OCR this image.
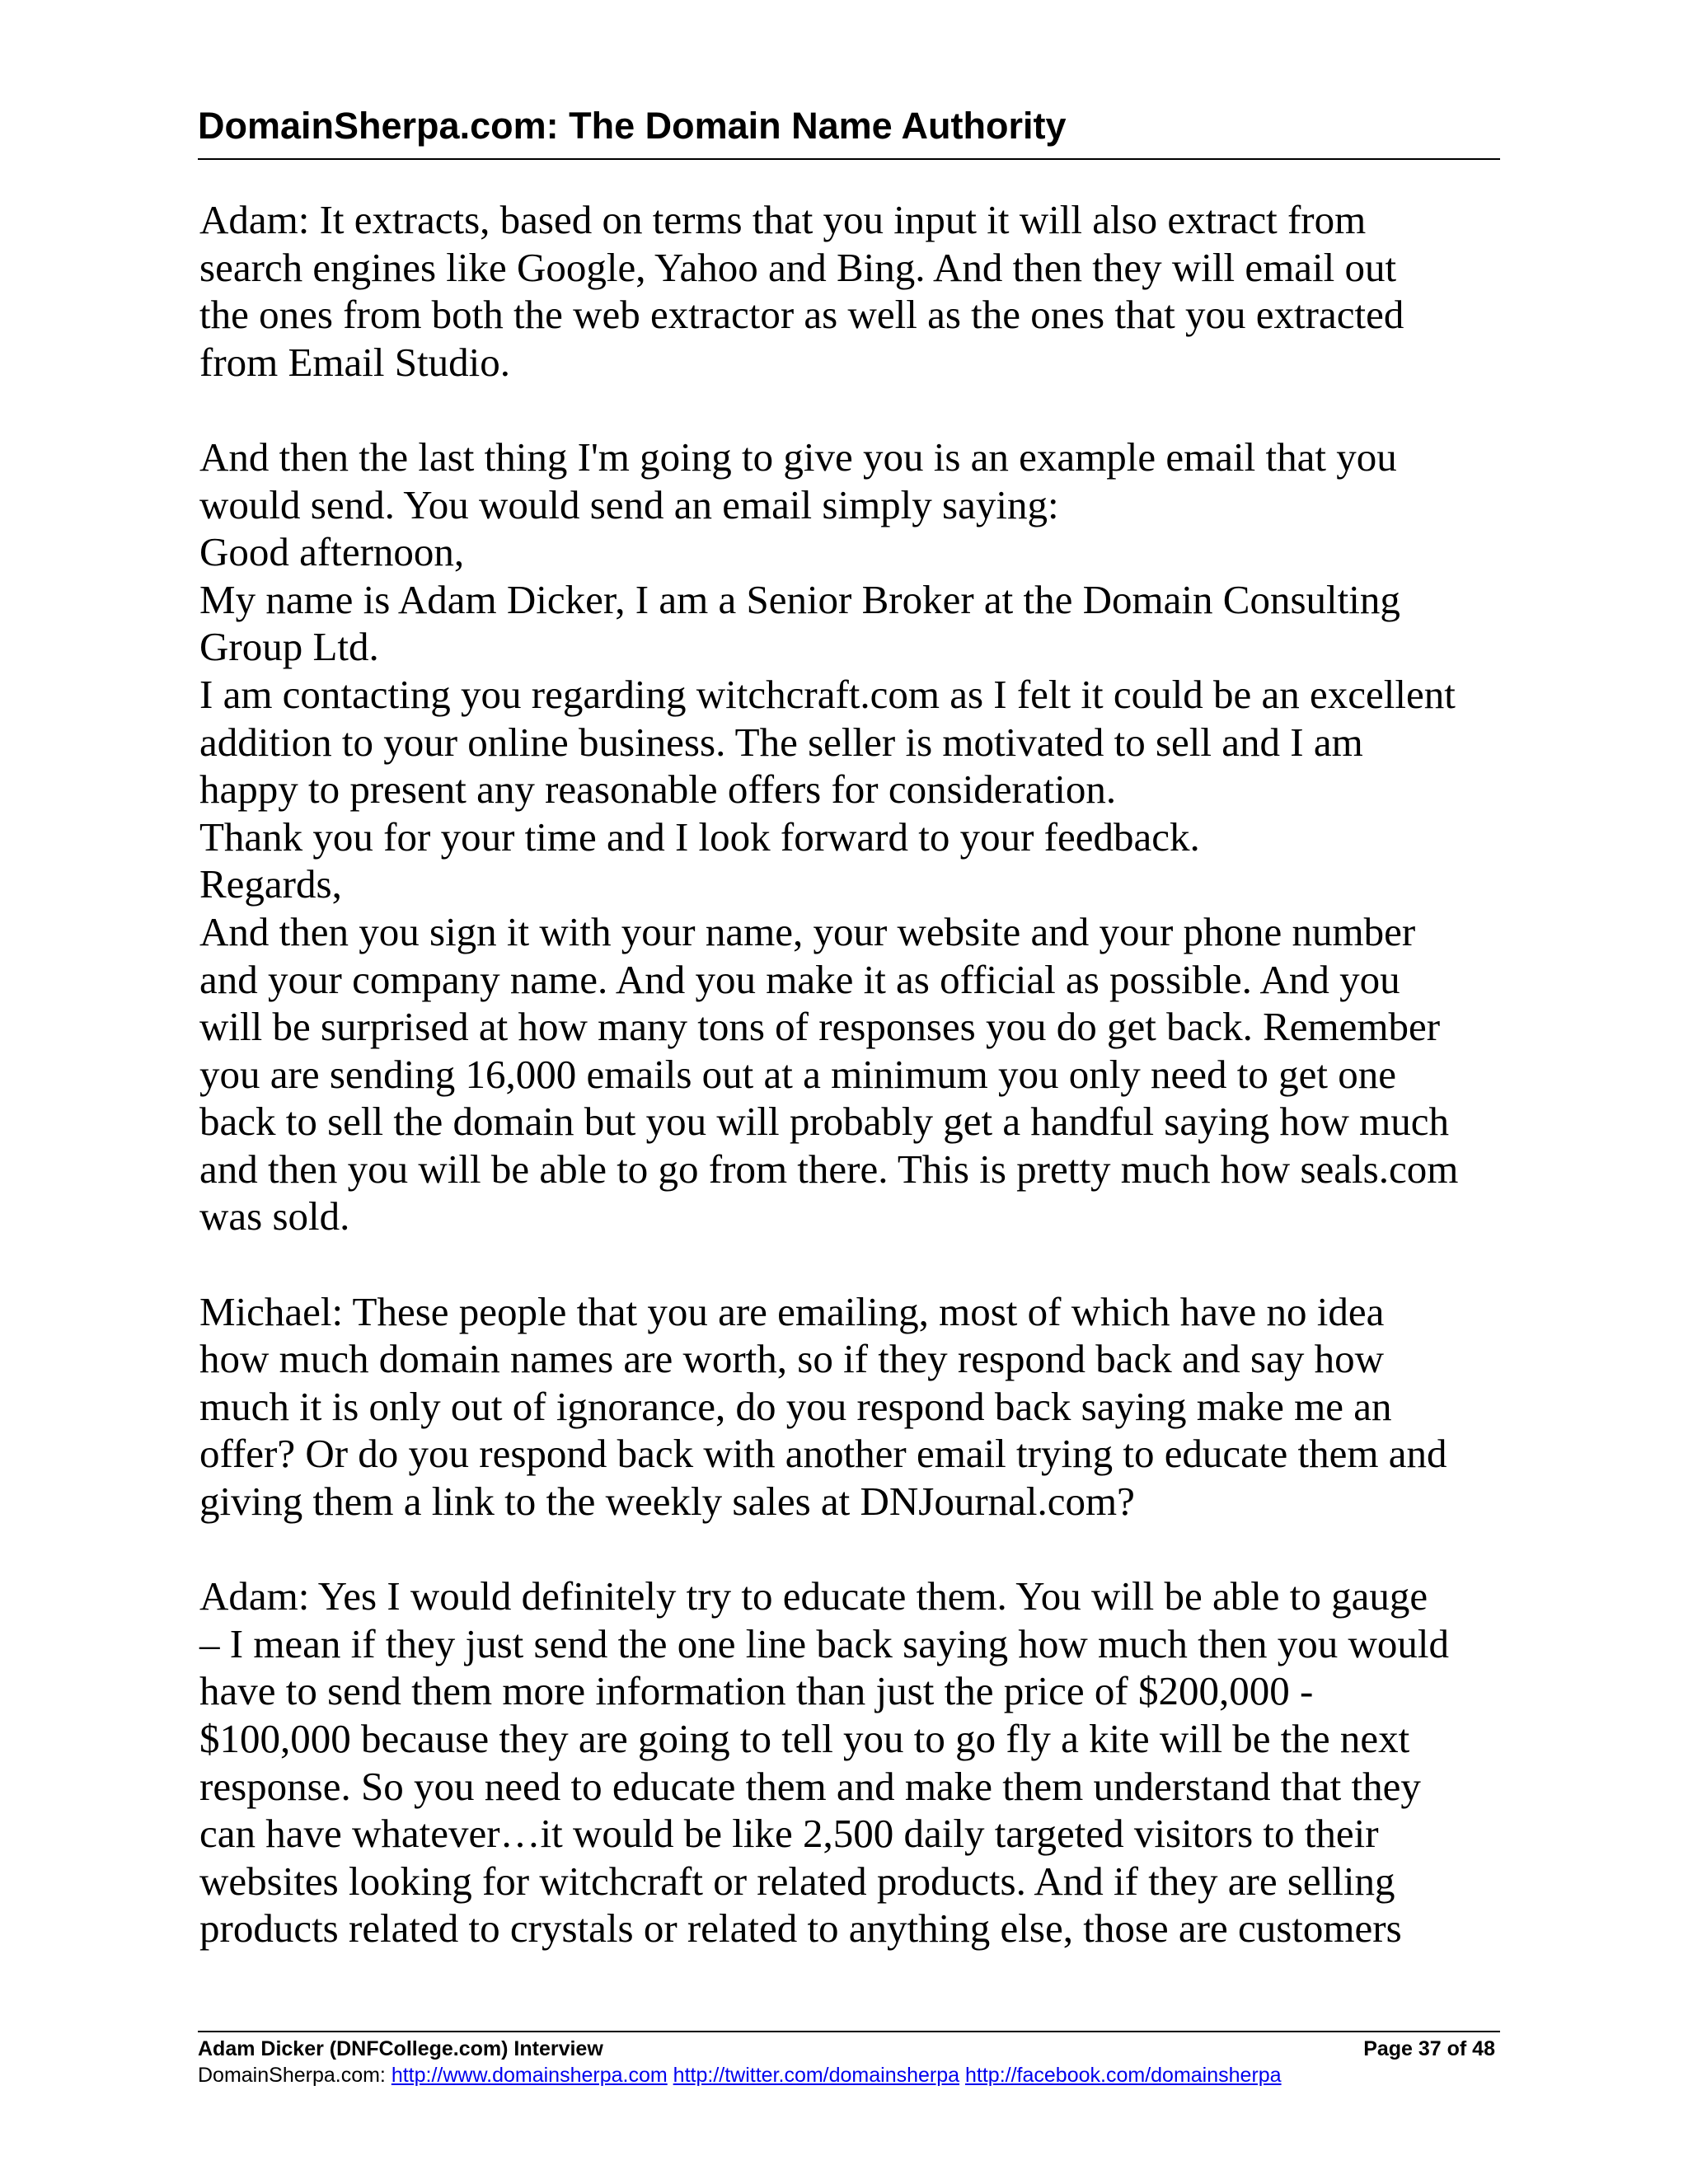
DomainSherpa.com: The Domain Name Authority
Adam: It extracts, based on terms that you input it will also extract from
search engines like Google, Yahoo and Bing. And then they will email out
the ones from both the web extractor as well as the ones that you extracted
from Email Studio.
And then the last thing I'm going to give you is an example email that you
would send. You would send an email simply saying:
Good afternoon,
My name is Adam Dicker, I am a Senior Broker at the Domain Consulting
Group Ltd.
I am contacting you regarding witchcraft.com as I felt it could be an excellent
addition to your online business. The seller is motivated to sell and I am
happy to present any reasonable offers for consideration.
Thank you for your time and I look forward to your feedback.
Regards,
And then you sign it with your name, your website and your phone number
and your company name. And you make it as official as possible. And you
will be surprised at how many tons of responses you do get back. Remember
you are sending 16,000 emails out at a minimum you only need to get one
back to sell the domain but you will probably get a handful saying how much
and then you will be able to go from there. This is pretty much how seals.com
was sold.
Michael: These people that you are emailing, most of which have no idea
how much domain names are worth, so if they respond back and say how
much it is only out of ignorance, do you respond back saying make me an
offer? Or do you respond back with another email trying to educate them and
giving them a link to the weekly sales at DNJournal.com?
Adam: Yes I would definitely try to educate them. You will be able to gauge
– I mean if they just send the one line back saying how much then you would
have to send them more information than just the price of $200,000 -
$100,000 because they are going to tell you to go fly a kite will be the next
response. So you need to educate them and make them understand that they
can have whatever…it would be like 2,500 daily targeted visitors to their
websites looking for witchcraft or related products. And if they are selling
products related to crystals or related to anything else, those are customers
Adam Dicker (DNFCollege.com) Interview	Page 37 of 48
DomainSherpa.com: http://www.domainsherpa.com http://twitter.com/domainsherpa http://facebook.com/domainsherpa
